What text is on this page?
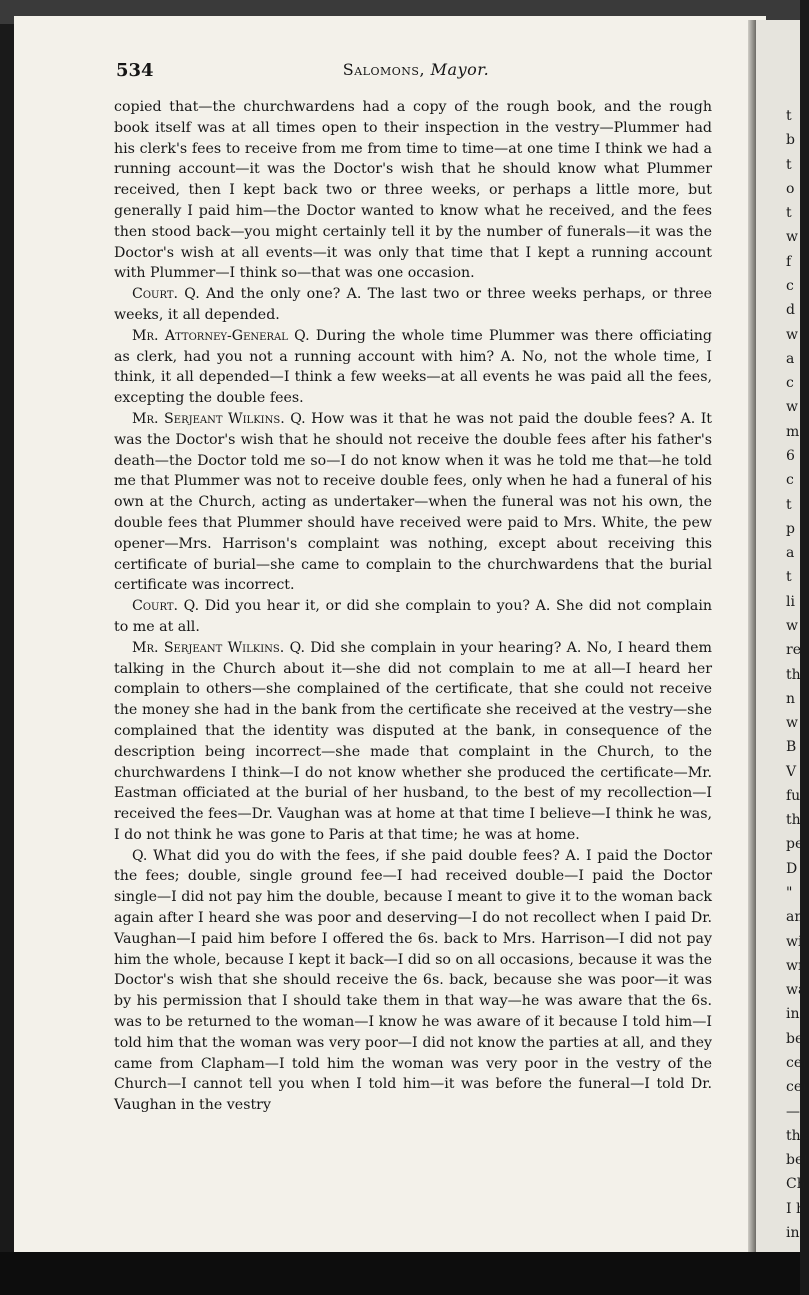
534	Salomons, Mayor.

copied that—the churchwardens had a copy of the rough book, and the rough book itself was at all times open to their inspection in the vestry—Plummer had his clerk's fees to receive from me from time to time—at one time I think we had a running account—it was the Doctor's wish that he should know what Plummer received, then I kept back two or three weeks, or perhaps a little more, but generally I paid him—the Doctor wanted to know what he received, and the fees then stood back—you might certainly tell it by the number of funerals—it was the Doctor's wish at all events—it was only that time that I kept a running account with Plummer—I think so—that was one occasion.

Court. Q. And the only one? A. The last two or three weeks perhaps, or three weeks, it all depended.

Mr. Attorney-General Q. During the whole time Plummer was there officiating as clerk, had you not a running account with him? A. No, not the whole time, I think, it all depended—I think a few weeks—at all events he was paid all the fees, excepting the double fees.

Mr. Serjeant Wilkins. Q. How was it that he was not paid the double fees? A. It was the Doctor's wish that he should not receive the double fees after his father's death—the Doctor told me so—I do not know when it was he told me that—he told me that Plummer was not to receive double fees, only when he had a funeral of his own at the Church, acting as undertaker—when the funeral was not his own, the double fees that Plummer should have received were paid to Mrs. White, the pew opener—Mrs. Harrison's complaint was nothing, except about receiving this certificate of burial—she came to complain to the churchwardens that the burial certificate was incorrect.

Court. Q. Did you hear it, or did she complain to you? A. She did not complain to me at all.

Mr. Serjeant Wilkins. Q. Did she complain in your hearing? A. No, I heard them talking in the Church about it—she did not complain to me at all—I heard her complain to others—she complained of the certificate, that she could not receive the money she had in the bank from the certificate she received at the vestry—she complained that the identity was disputed at the bank, in consequence of the description being incorrect—she made that complaint in the Church, to the churchwardens I think—I do not know whether she produced the certificate—Mr. Eastman officiated at the burial of her husband, to the best of my recollection—I received the fees—Dr. Vaughan was at home at that time I believe—I think he was, I do not think he was gone to Paris at that time; he was at home.

Q. What did you do with the fees, if she paid double fees? A. I paid the Doctor the fees; double, single ground fee—I had received double—I paid the Doctor single—I did not pay him the double, because I meant to give it to the woman back again after I heard she was poor and deserving—I do not recollect when I paid Dr. Vaughan—I paid him before I offered the 6s. back to Mrs. Harrison—I did not pay him the whole, because I kept it back—I did so on all occasions, because it was the Doctor's wish that she should receive the 6s. back, because she was poor—it was by his permission that I should take them in that way—he was aware that the 6s. was to be returned to the woman—I know he was aware of it because I told him—I told him that the woman was very poor—I did not know the parties at all, and they came from Clapham—I told him the woman was very poor in the vestry of the Church—I cannot tell you when I told him—it was before the funeral—I told Dr. Vaughan in the vestry

t
b
t
o
t
w
f
c
d
w
a
c
w
m
6
c
t
p
a
t
li
w
re
th
n
w
B
V
fu
th
pe
D
"
an
wi
wr
wa
ins
be
cer
cer
—
tha
bef
Ch
I h
in
